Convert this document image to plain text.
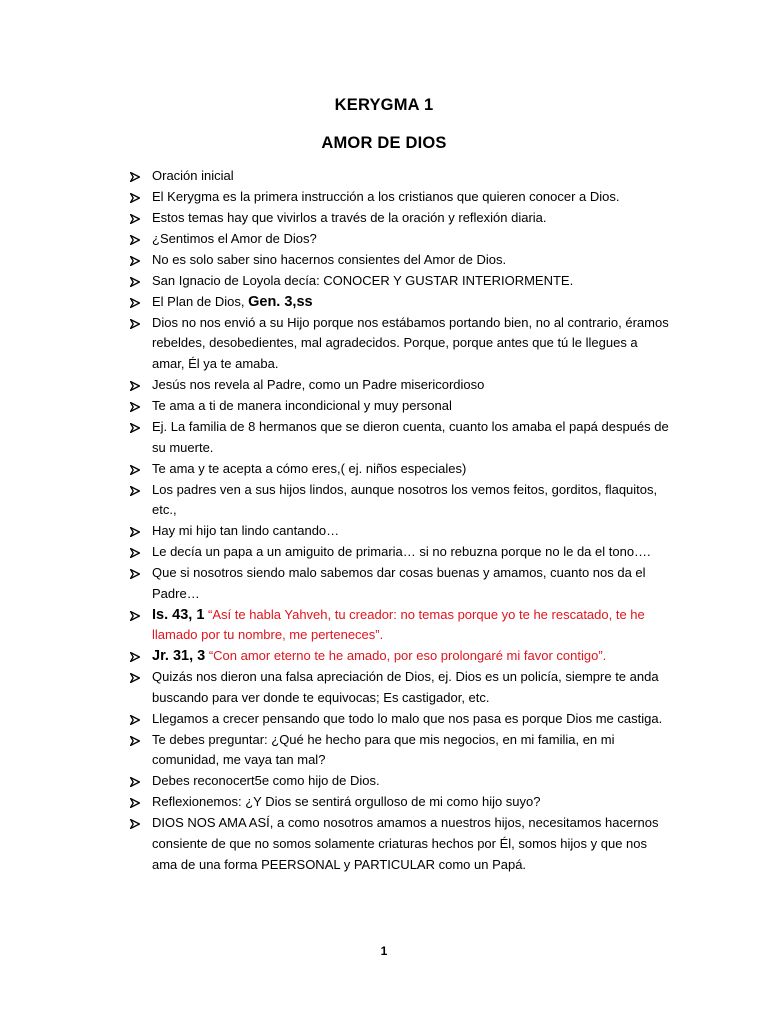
KERYGMA 1
AMOR DE DIOS
Oración inicial
El Kerygma es la primera instrucción a los cristianos que quieren conocer a Dios.
Estos temas hay que vivirlos a través de la oración y reflexión diaria.
¿Sentimos el Amor de Dios?
No es solo saber sino hacernos consientes del Amor de Dios.
San Ignacio de Loyola decía: CONOCER Y GUSTAR INTERIORMENTE.
El Plan de Dios, Gen. 3,ss
Dios no nos envió a su Hijo porque nos estábamos portando bien, no al contrario, éramos rebeldes, desobedientes, mal agradecidos. Porque, porque antes que tú le llegues a amar, Él ya te amaba.
Jesús nos revela al Padre, como un Padre misericordioso
Te ama a ti de manera incondicional y muy personal
Ej. La familia de 8 hermanos que se dieron cuenta, cuanto los amaba el papá después de su muerte.
Te ama y te acepta a cómo eres,( ej. niños especiales)
Los padres ven a sus hijos lindos, aunque nosotros los vemos feitos, gorditos, flaquitos, etc.,
Hay mi hijo tan lindo cantando…
Le decía un papa a un amiguito de primaria… si no rebuzna porque no le da el tono….
Que si nosotros siendo malo sabemos dar cosas buenas y amamos, cuanto nos da el Padre…
Is. 43, 1 “Así te habla Yahveh, tu creador: no temas porque yo te he rescatado, te he llamado por tu nombre, me perteneces”.
Jr. 31, 3 “Con amor eterno te he amado, por eso prolongaré mi favor contigo”.
Quizás nos dieron una falsa apreciación de Dios, ej. Dios es un policía, siempre te anda buscando para ver donde te equivocas; Es castigador, etc.
Llegamos a crecer pensando que todo lo malo que nos pasa es porque Dios me castiga.
Te debes preguntar: ¿Qué he hecho para que mis negocios, en mi familia, en mi comunidad, me vaya tan mal?
Debes reconocert5e como hijo de Dios.
Reflexionemos: ¿Y Dios se sentirá orgulloso de mi como hijo suyo?
DIOS NOS AMA ASÍ, a como nosotros amamos a nuestros hijos, necesitamos hacernos consiente de que no somos solamente criaturas hechos por Él, somos hijos y que nos ama de una forma PEERSONAL y PARTICULAR como un Papá.
1
